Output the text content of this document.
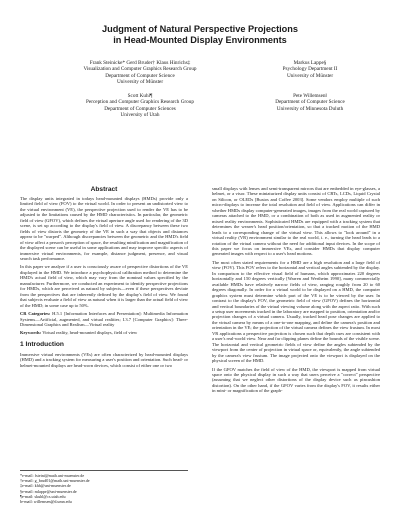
Judgment of Natural Perspective Projections
in Head-Mounted Display Environments
Frank Steinicke* Gerd Bruder† Klaus Hinrichs‡
Visualization and Computer Graphics Research Group
Department of Computer Science
University of Münster
Markus Lappe§
Psychology Department II
University of Münster
Scott Kuhl¶
Perception and Computer Graphics Research Group
Department of Computer Sciences
University of Utah
Pete Willemsen‖
Department of Computer Science
University of Minnesota Duluth
Abstract

The display units integrated in todays head-mounted displays (HMDs) provide only a limited field of view (FOV) to the virtual world. In order to present an undistorted view to the virtual environment (VE), the perspective projection used to render the VE has to be adjusted to the limitations caused by the HMD characteristics. In particular, the geometric field of view (GFOV), which defines the virtual aperture angle used for rendering of the 3D scene, is set up according to the display's field of view. A discrepancy between these two fields of view distorts the geometry of the VE in such a way that objects and distances appear to be "warped". Although discrepancies between the geometric and the HMD's field of view affect a person's perception of space, the resulting minification and magnification of the displayed scene can be useful in some applications and may improve specific aspects of immersive virtual environments, for example, distance judgment, presence, and visual search task performance.

In this paper we analyze if a user is consciously aware of perspective distortions of the VE displayed in the HMD. We introduce a psychophysical calibration method to determine the HMD's actual field of view, which may vary from the nominal values specified by the manufacturer. Furthermore, we conducted an experiment to identify perspective projections for HMDs, which are perceived as natural by subjects—even if these perspectives deviate from the perspectives that are inherently defined by the display's field of view. We found that subjects evaluate a field of view as natural when it is larger than the actual field of view of the HMD; in some case up to 50%.

CR Categories: H.5.1 [Information Interfaces and Presentation]: Multimedia Information Systems—Artificial, augmented, and virtual realities; I.3.7 [Computer Graphics]: Three-Dimensional Graphics and Realism—Virtual reality

Keywords: Virtual reality, head-mounted displays, field of view

1 Introduction

Immersive virtual environments (VEs) are often characterized by head-mounted displays (HMD) and a tracking system for measuring a user's position and orientation. Such head- or helmet-mounted displays are head-worn devices, which consist of either one or two

*e-mail: fsteini@math.uni-muenster.de
†e-mail: g_brud01@math.uni-muenster.de
‡e-mail: khh@uni-muenster.de
§e-mail: mlappe@uni-muenster.de
¶e-mail: skuhl@cs.utah.edu
‖e-mail: willemsen@d.umn.edu

small displays with lenses and semi-transparent mirrors that are embedded in eye-glasses, a helmet, or a visor. These miniaturized display units consist of CRTs, LCDs, Liquid Crystal on Silicon, or OLEDs [Bustos and Coffee 2003]. Some vendors employ multiple of such micro-displays to increase the total resolution and field of view. Applications can differ in whether HMDs display computer-generated images, images from the real world captured by cameras attached to the HMD, or a combination of both as used in augmented reality or mixed reality environments. Sophisticated HMDs are equipped with a tracking system that determines the wearer's head position/orientation, so that a tracked motion of the HMD leads to a corresponding change of the virtual view. This allows to "look around" in a virtual reality (VR) environment similar to the real world, i. e., turning the head leads to a rotation of the virtual camera without the need for additional input devices. In the scope of this paper we focus on immersive VEs, and consider HMDs that display computer generated images with respect to a user's head motions.

The most often stated requirements for a HMD are a high resolution and a large field of view (FOV). This FOV refers to the horizontal and vertical angles subtended by the display. In comparison to the effective visual field of humans, which approximates 220 degrees horizontally and 150 degrees vertically [Warren and Wertheim 1990], many commercially available HMDs have relatively narrow fields of view, ranging roughly from 20 to 60 degrees diagonally. In order for a virtual world to be displayed on a HMD, the computer graphics system must determine which part of the VE is to be viewed by the user. In contrast to the display's FOV, the geometric field of view (GFOV) defines the horizontal and vertical boundaries of the virtual viewing volume along with the aspect ratio. With such a setup user movements tracked in the laboratory are mapped to position, orientation and/or projection changes of a virtual camera. Usually, tracked head pose changes are applied to the virtual camera by means of a one-to-one mapping, and define the camera's position and orientation in the VE; the projection of the virtual camera defines the view frustum. In most VR applications a perspective projection is chosen such that depth cues are consistent with a user's real-world view. Near and far clipping planes define the bounds of the visible scene. The horizontal and vertical geometric fields of view define the angles subtended by the viewport from the center of projection in virtual space or, equivalently, the angle subtended by the camera's view frustum. The image projected onto the viewport is displayed on the physical screen of the HMD.

If the GFOV matches the field of view of the HMD, the viewport is mapped from virtual space onto the physical display in such a way that users perceive a "correct" perspective (assuming that we neglect other distortions of the display device such as pincushion distortion). On the other hand, if the GFOV varies from the display's FOV, it results either in mini- or magnification of the graph-
